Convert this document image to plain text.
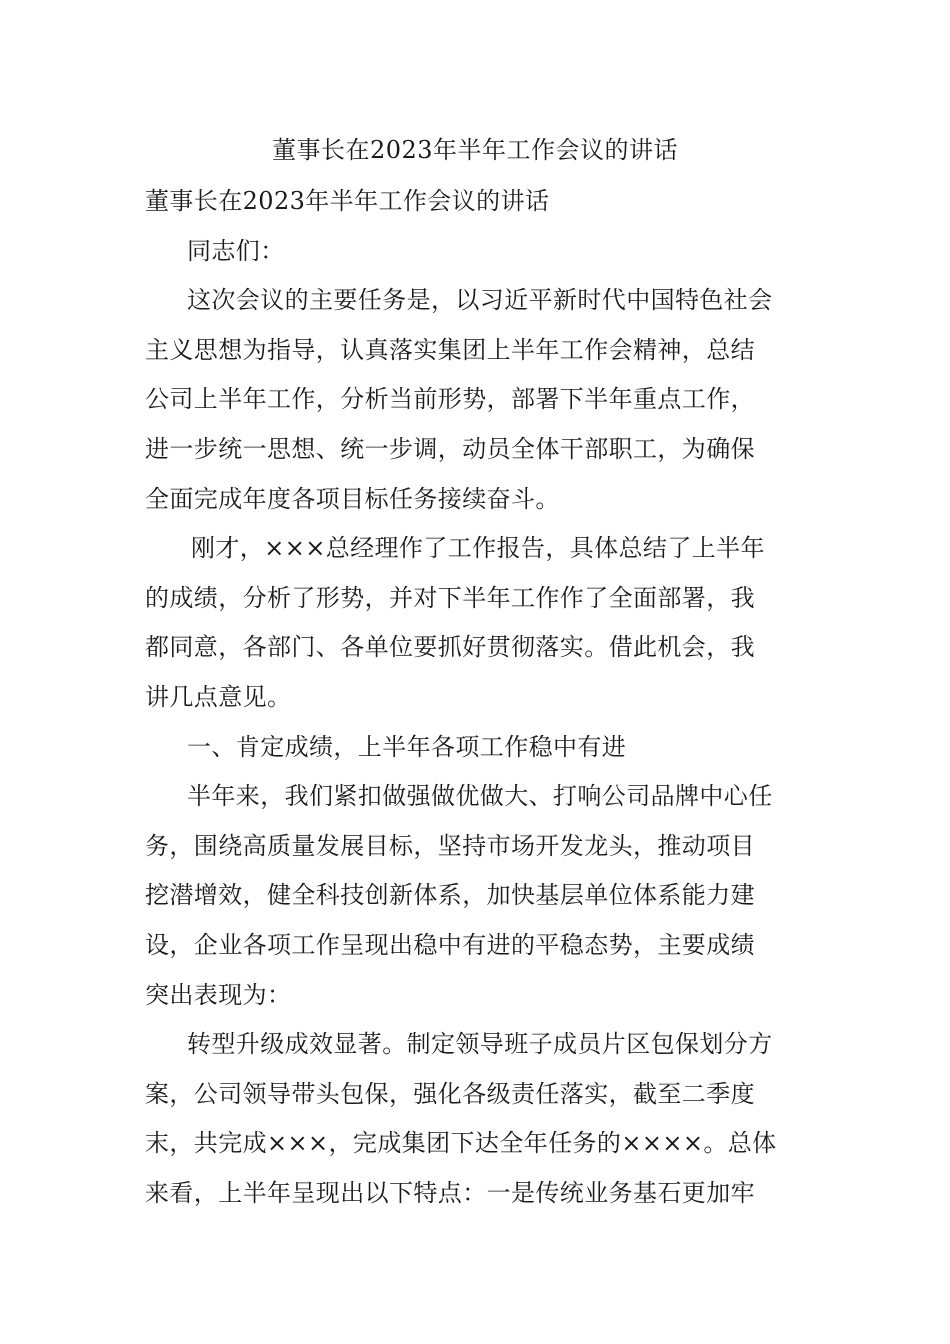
董事长在2023年半年工作会议的讲话
董事长在2023年半年工作会议的讲话
同志们：
这次会议的主要任务是，以习近平新时代中国特色社会
主义思想为指导，认真落实集团上半年工作会精神，总结
公司上半年工作，分析当前形势，部署下半年重点工作，
进一步统一思想、统一步调，动员全体干部职工，为确保
全面完成年度各项目标任务接续奋斗。
刚才，×××总经理作了工作报告，具体总结了上半年
的成绩，分析了形势，并对下半年工作作了全面部署，我
都同意，各部门、各单位要抓好贯彻落实。借此机会，我
讲几点意见。
一、肯定成绩，上半年各项工作稳中有进
半年来，我们紧扣做强做优做大、打响公司品牌中心任
务，围绕高质量发展目标，坚持市场开发龙头，推动项目
挖潜增效，健全科技创新体系，加快基层单位体系能力建
设，企业各项工作呈现出稳中有进的平稳态势，主要成绩
突出表现为：
转型升级成效显著。制定领导班子成员片区包保划分方
案，公司领导带头包保，强化各级责任落实，截至二季度
末，共完成×××，完成集团下达全年任务的××××。总体
来看，上半年呈现出以下特点：一是传统业务基石更加牢
